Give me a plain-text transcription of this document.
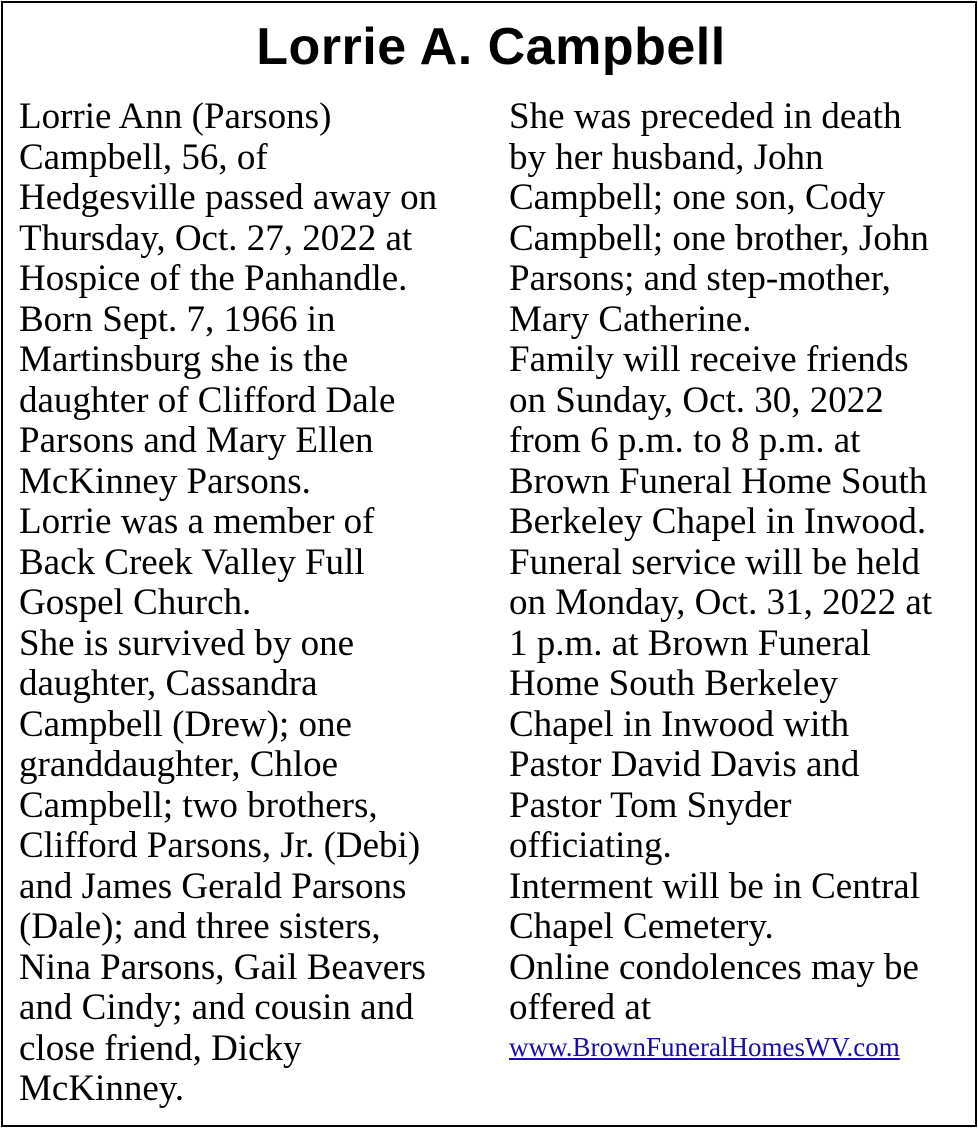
Lorrie A. Campbell
Lorrie Ann (Parsons)
Campbell, 56, of
Hedgesville passed away on
Thursday, Oct. 27, 2022 at
Hospice of the Panhandle.
Born Sept. 7, 1966 in
Martinsburg she is the
daughter of Clifford Dale
Parsons and Mary Ellen
McKinney Parsons.
Lorrie was a member of
Back Creek Valley Full
Gospel Church.
She is survived by one
daughter, Cassandra
Campbell (Drew); one
granddaughter, Chloe
Campbell; two brothers,
Clifford Parsons, Jr. (Debi)
and James Gerald Parsons
(Dale); and three sisters,
Nina Parsons, Gail Beavers
and Cindy; and cousin and
close friend, Dicky
McKinney.
She was preceded in death
by her husband, John
Campbell; one son, Cody
Campbell; one brother, John
Parsons; and step-mother,
Mary Catherine.
Family will receive friends
on Sunday, Oct. 30, 2022
from 6 p.m. to 8 p.m. at
Brown Funeral Home South
Berkeley Chapel in Inwood.
Funeral service will be held
on Monday, Oct. 31, 2022 at
1 p.m. at Brown Funeral
Home South Berkeley
Chapel in Inwood with
Pastor David Davis and
Pastor Tom Snyder
officiating.
Interment will be in Central
Chapel Cemetery.
Online condolences may be
offered at
www.BrownFuneralHomesWV.com
